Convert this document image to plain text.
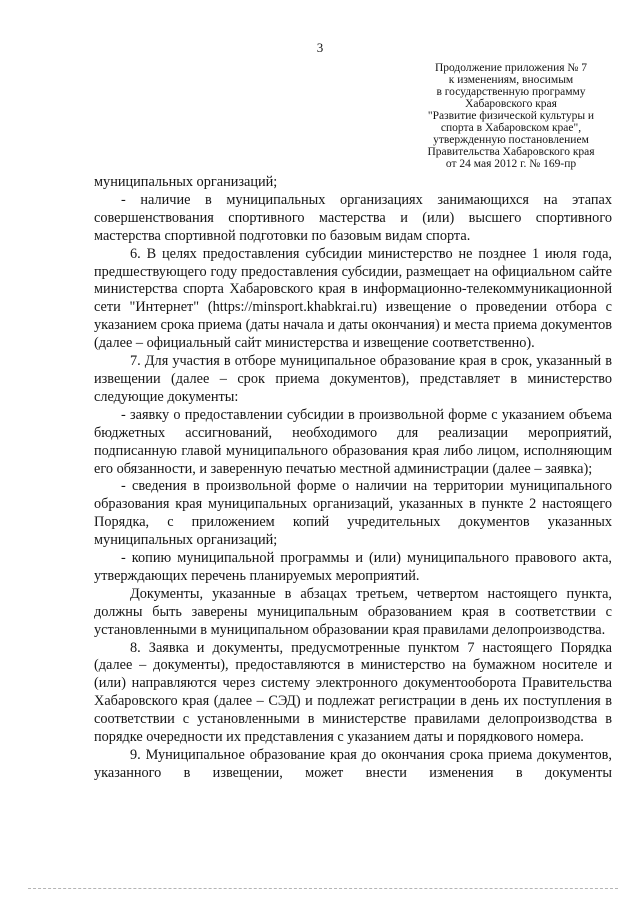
3
Продолжение приложения № 7
к изменениям, вносимым
в государственную программу
Хабаровского края
"Развитие физической культуры и
спорта в Хабаровском крае",
утвержденную постановлением
Правительства Хабаровского края
от 24 мая 2012 г. № 169-пр

муниципальных организаций;

- наличие в муниципальных организациях занимающихся на этапах совершенствования спортивного мастерства и (или) высшего спортивного мастерства спортивной подготовки по базовым видам спорта.

6. В целях предоставления субсидии министерство не позднее 1 июля года, предшествующего году предоставления субсидии, размещает на официальном сайте министерства спорта Хабаровского края в информационно-телекоммуникационной сети "Интернет" (https://minsport.khabkrai.ru) извещение о проведении отбора с указанием срока приема (даты начала и даты окончания) и места приема документов (далее – официальный сайт министерства и извещение соответственно).

7. Для участия в отборе муниципальное образование края в срок, указанный в извещении (далее – срок приема документов), представляет в министерство следующие документы:

- заявку о предоставлении субсидии в произвольной форме с указанием объема бюджетных ассигнований, необходимого для реализации мероприятий, подписанную главой муниципального образования края либо лицом, исполняющим его обязанности, и заверенную печатью местной администрации (далее – заявка);

- сведения в произвольной форме о наличии на территории муниципального образования края муниципальных организаций, указанных в пункте 2 настоящего Порядка, с приложением копий учредительных документов указанных муниципальных организаций;

- копию муниципальной программы и (или) муниципального правового акта, утверждающих перечень планируемых мероприятий.

Документы, указанные в абзацах третьем, четвертом настоящего пункта, должны быть заверены муниципальным образованием края в соответствии с установленными в муниципальном образовании края правилами делопроизводства.

8. Заявка и документы, предусмотренные пунктом 7 настоящего Порядка (далее – документы), предоставляются в министерство на бумажном носителе и (или) направляются через систему электронного документооборота Правительства Хабаровского края (далее – СЭД) и подлежат регистрации в день их поступления в соответствии с установленными в министерстве правилами делопроизводства в порядке очередности их представления с указанием даты и порядкового номера.

9. Муниципальное образование края до окончания срока приема документов, указанного в извещении, может внести изменения в документы
